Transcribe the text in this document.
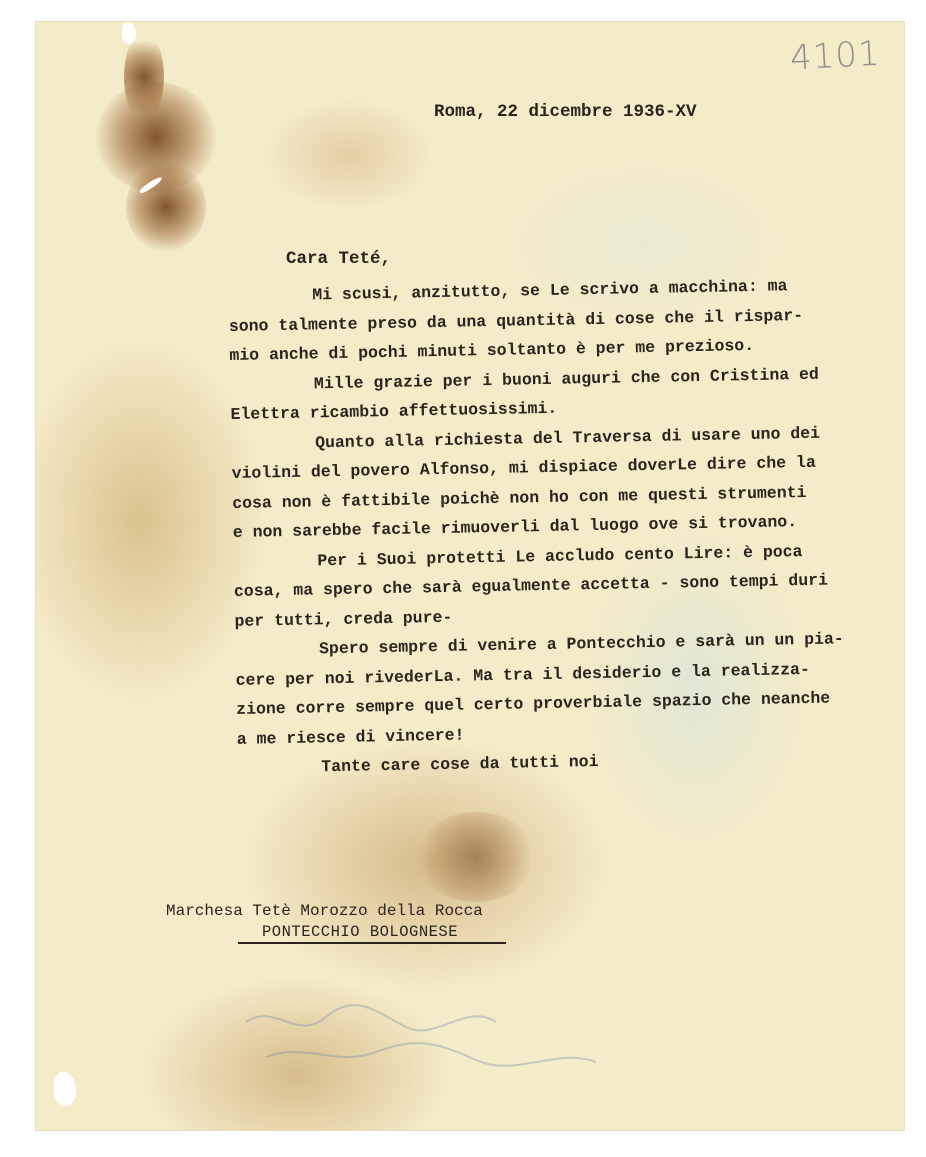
4101
Roma, 22 dicembre 1936-XV
Cara Teté,
Mi scusi, anzitutto, se Le scrivo a macchina: ma
sono talmente preso da una quantità di cose che il rispar-
mio anche di pochi minuti soltanto è per me prezioso.
Mille grazie per i buoni auguri che con Cristina ed
Elettra ricambio affettuosissimi.
Quanto alla richiesta del Traversa di usare uno dei
violini del povero Alfonso, mi dispiace doverLe dire che la
cosa non è fattibile poichè non ho con me questi strumenti
e non sarebbe facile rimuoverli dal luogo ove si trovano.
Per i Suoi protetti Le accludo cento Lire: è poca
cosa, ma spero che sarà egualmente accetta - sono tempi duri
per tutti, creda pure-
Spero sempre di venire a Pontecchio e sarà un un pia-
cere per noi rivederLa. Ma tra il desiderio e la realizza-
zione corre sempre quel certo proverbiale spazio che neanche
a me riesce di vincere!
Tante care cose da tutti noi
Marchesa Tetè Morozzo della Rocca
PONTECCHIO BOLOGNESE
